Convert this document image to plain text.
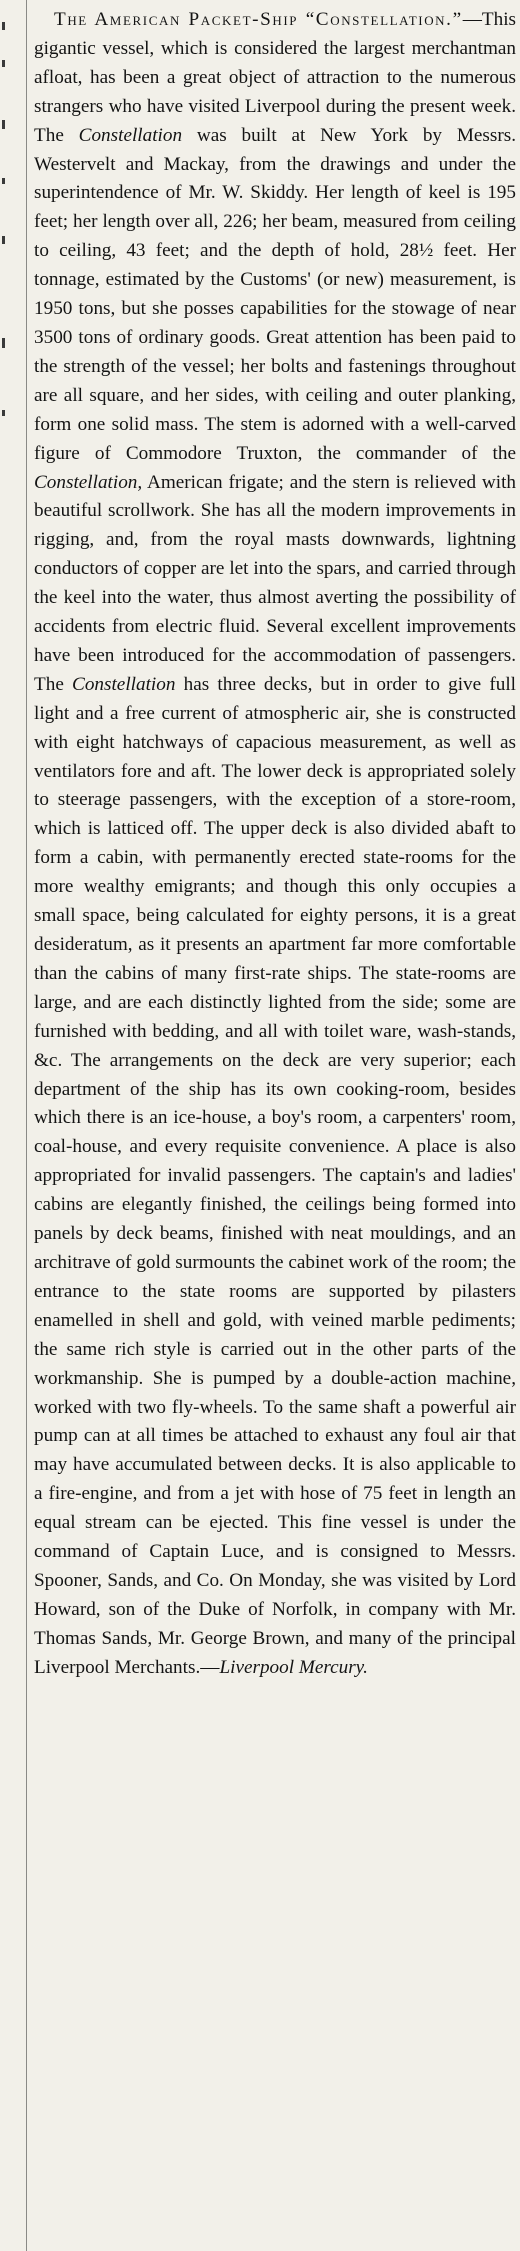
The American Packet-Ship “Constellation.”—This gigantic vessel, which is considered the largest merchantman afloat, has been a great object of attraction to the numerous strangers who have visited Liverpool during the present week. The Constellation was built at New York by Messrs. Westervelt and Mackay, from the drawings and under the superintendence of Mr. W. Skiddy. Her length of keel is 195 feet; her length over all, 226; her beam, measured from ceiling to ceiling, 43 feet; and the depth of hold, 28½ feet. Her tonnage, estimated by the Customs' (or new) measurement, is 1950 tons, but she posses capabilities for the stowage of near 3500 tons of ordinary goods. Great attention has been paid to the strength of the vessel; her bolts and fastenings throughout are all square, and her sides, with ceiling and outer planking, form one solid mass. The stem is adorned with a well-carved figure of Commodore Truxton, the commander of the Constellation, American frigate; and the stern is relieved with beautiful scrollwork. She has all the modern improvements in rigging, and, from the royal masts downwards, lightning conductors of copper are let into the spars, and carried through the keel into the water, thus almost averting the possibility of accidents from electric fluid. Several excellent improvements have been introduced for the accommodation of passengers. The Constellation has three decks, but in order to give full light and a free current of atmospheric air, she is constructed with eight hatchways of capacious measurement, as well as ventilators fore and aft. The lower deck is appropriated solely to steerage passengers, with the exception of a store-room, which is latticed off. The upper deck is also divided abaft to form a cabin, with permanently erected state-rooms for the more wealthy emigrants; and though this only occupies a small space, being calculated for eighty persons, it is a great desideratum, as it presents an apartment far more comfortable than the cabins of many first-rate ships. The state-rooms are large, and are each distinctly lighted from the side; some are furnished with bedding, and all with toilet ware, wash-stands, &c. The arrangements on the deck are very superior; each department of the ship has its own cooking-room, besides which there is an ice-house, a boy's room, a carpenters' room, coal-house, and every requisite convenience. A place is also appropriated for invalid passengers. The captain's and ladies' cabins are elegantly finished, the ceilings being formed into panels by deck beams, finished with neat mouldings, and an architrave of gold surmounts the cabinet work of the room; the entrance to the state rooms are supported by pilasters enamelled in shell and gold, with veined marble pediments; the same rich style is carried out in the other parts of the workmanship. She is pumped by a double-action machine, worked with two fly-wheels. To the same shaft a powerful air pump can at all times be attached to exhaust any foul air that may have accumulated between decks. It is also applicable to a fire-engine, and from a jet with hose of 75 feet in length an equal stream can be ejected. This fine vessel is under the command of Captain Luce, and is consigned to Messrs. Spooner, Sands, and Co. On Monday, she was visited by Lord Howard, son of the Duke of Norfolk, in company with Mr. Thomas Sands, Mr. George Brown, and many of the principal Liverpool Merchants.—Liverpool Mercury.
